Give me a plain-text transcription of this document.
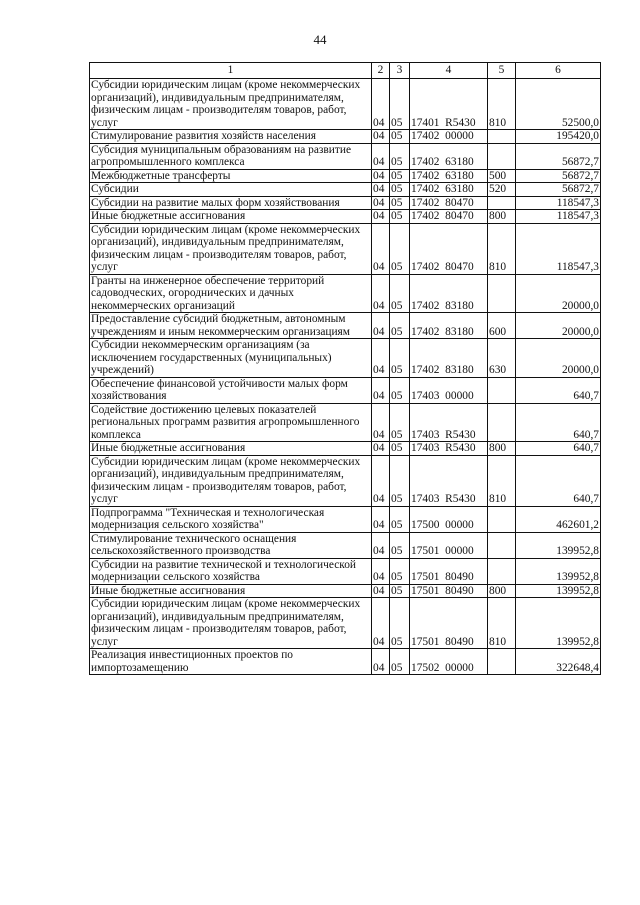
44
1	2	3	4	5	6
Субсидии юридическим лицам (кроме некоммерческих организаций), индивидуальным предпринимателям, физическим лицам - производителям товаров, работ, услуг	04	05	17401  R5430	810	52500,0
Стимулирование развития хозяйств населения	04	05	17402  00000		195420,0
Субсидия муниципальным образованиям на развитие агропромышленного комплекса	04	05	17402  63180		56872,7
Межбюджетные трансферты	04	05	17402  63180	500	56872,7
Субсидии	04	05	17402  63180	520	56872,7
Субсидии на развитие малых форм хозяйствования	04	05	17402  80470		118547,3
Иные бюджетные ассигнования	04	05	17402  80470	800	118547,3
Субсидии юридическим лицам (кроме некоммерческих организаций), индивидуальным предпринимателям, физическим лицам - производителям товаров, работ, услуг	04	05	17402  80470	810	118547,3
Гранты на инженерное обеспечение территорий садоводческих, огороднических и дачных некоммерческих организаций	04	05	17402  83180		20000,0
Предоставление субсидий бюджетным, автономным учреждениям и иным некоммерческим организациям	04	05	17402  83180	600	20000,0
Субсидии некоммерческим организациям (за исключением государственных (муниципальных) учреждений)	04	05	17402  83180	630	20000,0
Обеспечение финансовой устойчивости малых форм хозяйствования	04	05	17403  00000		640,7
Содействие достижению целевых показателей региональных программ развития агропромышленного комплекса	04	05	17403  R5430		640,7
Иные бюджетные ассигнования	04	05	17403  R5430	800	640,7
Субсидии юридическим лицам (кроме некоммерческих организаций), индивидуальным предпринимателям, физическим лицам - производителям товаров, работ, услуг	04	05	17403  R5430	810	640,7
Подпрограмма "Техническая и технологическая модернизация сельского хозяйства"	04	05	17500  00000		462601,2
Стимулирование технического оснащения сельскохозяйственного производства	04	05	17501  00000		139952,8
Субсидии на развитие технической и технологической модернизации сельского хозяйства	04	05	17501  80490		139952,8
Иные бюджетные ассигнования	04	05	17501  80490	800	139952,8
Субсидии юридическим лицам (кроме некоммерческих организаций), индивидуальным предпринимателям, физическим лицам - производителям товаров, работ, услуг	04	05	17501  80490	810	139952,8
Реализация инвестиционных проектов по импортозамещению	04	05	17502  00000		322648,4
